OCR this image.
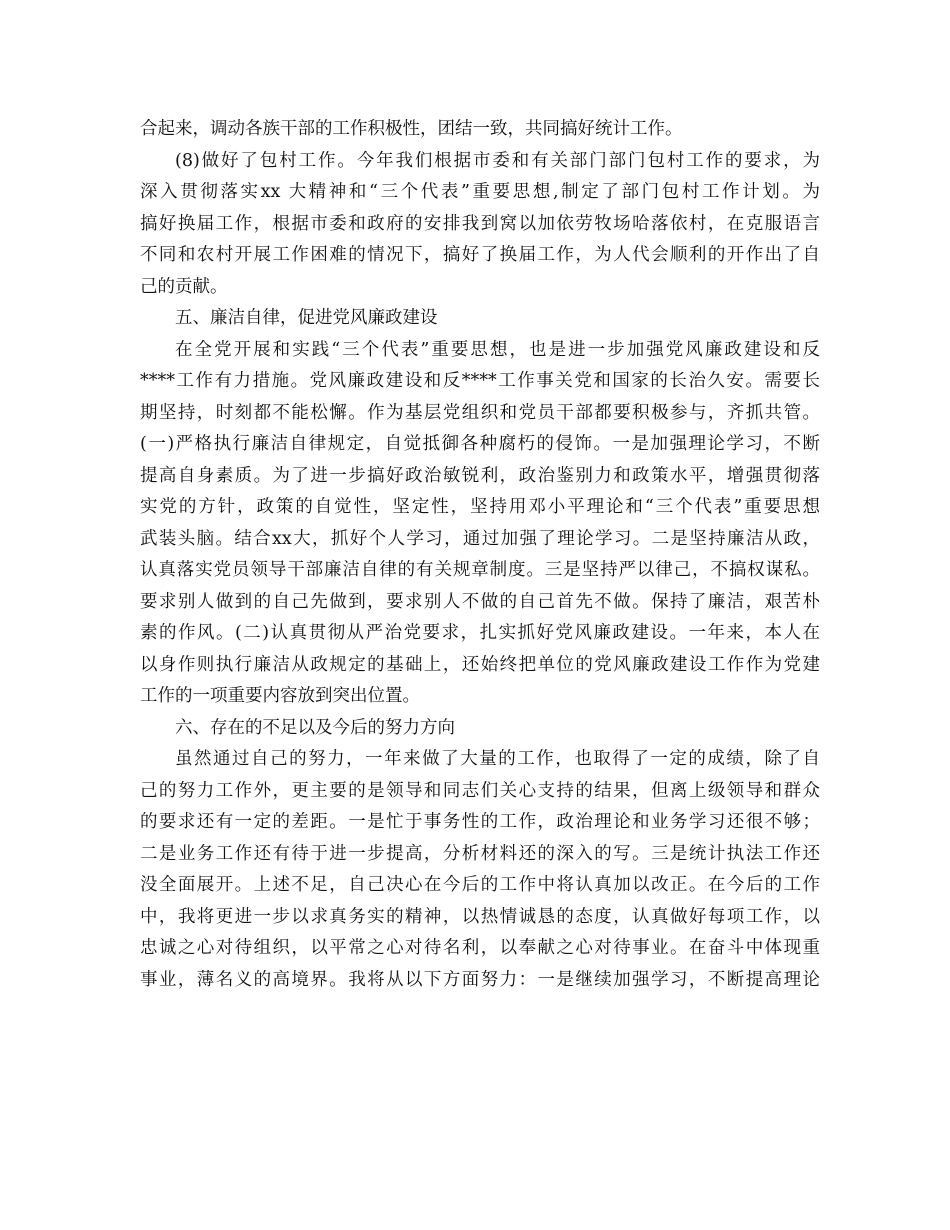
合起来，调动各族干部的工作积极性，团结一致，共同搞好统计工作。
(8)做好了包村工作。今年我们根据市委和有关部门部门包村工作的要求，为
深入贯彻落实xx 大精神和“三个代表”重要思想,制定了部门包村工作计划。为
搞好换届工作，根据市委和政府的安排我到窝以加依劳牧场哈落依村，在克服语言
不同和农村开展工作困难的情况下，搞好了换届工作，为人代会顺利的开作出了自
己的贡献。
五、廉洁自律，促进党风廉政建设
在全党开展和实践“三个代表”重要思想，也是进一步加强党风廉政建设和反
****工作有力措施。党风廉政建设和反****工作事关党和国家的长治久安。需要长
期坚持，时刻都不能松懈。作为基层党组织和党员干部都要积极参与，齐抓共管。
(一)严格执行廉洁自律规定，自觉抵御各种腐朽的侵饰。一是加强理论学习，不断
提高自身素质。为了进一步搞好政治敏锐利，政治鉴别力和政策水平，增强贯彻落
实党的方针，政策的自觉性，坚定性，坚持用邓小平理论和“三个代表”重要思想
武装头脑。结合xx大，抓好个人学习，通过加强了理论学习。二是坚持廉洁从政，
认真落实党员领导干部廉洁自律的有关规章制度。三是坚持严以律己，不搞权谋私。
要求别人做到的自己先做到，要求别人不做的自己首先不做。保持了廉洁，艰苦朴
素的作风。(二)认真贯彻从严治党要求，扎实抓好党风廉政建设。一年来，本人在
以身作则执行廉洁从政规定的基础上，还始终把单位的党风廉政建设工作作为党建
工作的一项重要内容放到突出位置。
六、存在的不足以及今后的努力方向
虽然通过自己的努力，一年来做了大量的工作，也取得了一定的成绩，除了自
己的努力工作外，更主要的是领导和同志们关心支持的结果，但离上级领导和群众
的要求还有一定的差距。一是忙于事务性的工作，政治理论和业务学习还很不够；
二是业务工作还有待于进一步提高，分析材料还的深入的写。三是统计执法工作还
没全面展开。上述不足，自己决心在今后的工作中将认真加以改正。在今后的工作
中，我将更进一步以求真务实的精神，以热情诚恳的态度，认真做好每项工作，以
忠诚之心对待组织，以平常之心对待名利，以奉献之心对待事业。在奋斗中体现重
事业，薄名义的高境界。我将从以下方面努力：一是继续加强学习，不断提高理论
